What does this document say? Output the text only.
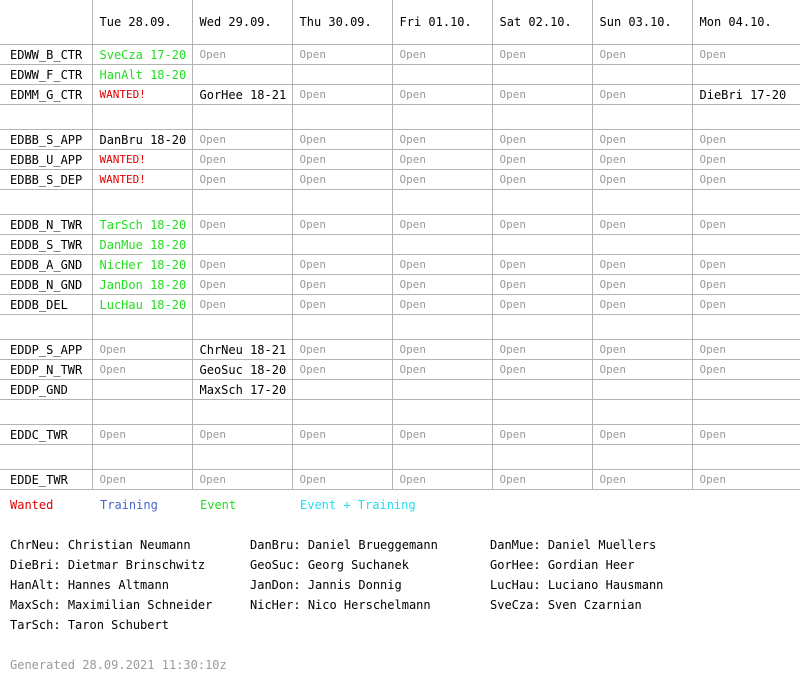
	Tue 28.09.	Wed 29.09.	Thu 30.09.	Fri 01.10.	Sat 02.10.	Sun 03.10.	Mon 04.10.
EDWW_B_CTR	SveCza 17-20	Open	Open	Open	Open	Open	Open
EDWW_F_CTR	HanAlt 18-20						
EDMM_G_CTR	WANTED!	GorHee 18-21	Open	Open	Open	Open	DieBri 17-20

EDBB_S_APP	DanBru 18-20	Open	Open	Open	Open	Open	Open
EDBB_U_APP	WANTED!	Open	Open	Open	Open	Open	Open
EDBB_S_DEP	WANTED!	Open	Open	Open	Open	Open	Open

EDDB_N_TWR	TarSch 18-20	Open	Open	Open	Open	Open	Open
EDDB_S_TWR	DanMue 18-20						
EDDB_A_GND	NicHer 18-20	Open	Open	Open	Open	Open	Open
EDDB_N_GND	JanDon 18-20	Open	Open	Open	Open	Open	Open
EDDB_DEL	LucHau 18-20	Open	Open	Open	Open	Open	Open

EDDP_S_APP	Open	ChrNeu 18-21	Open	Open	Open	Open	Open
EDDP_N_TWR	Open	GeoSuc 18-20	Open	Open	Open	Open	Open
EDDP_GND		MaxSch 17-20					

EDDC_TWR	Open	Open	Open	Open	Open	Open	Open

EDDE_TWR	Open	Open	Open	Open	Open	Open	Open
Wanted	Training	Event	Event + Training
ChrNeu: Christian Neumann	DanBru: Daniel Brueggemann	DanMue: Daniel Muellers
DieBri: Dietmar Brinschwitz	GeoSuc: Georg Suchanek	GorHee: Gordian Heer
HanAlt: Hannes Altmann	JanDon: Jannis Donnig	LucHau: Luciano Hausmann
MaxSch: Maximilian Schneider	NicHer: Nico Herschelmann	SveCza: Sven Czarnian
TarSch: Taron Schubert
Generated 28.09.2021 11:30:10z
